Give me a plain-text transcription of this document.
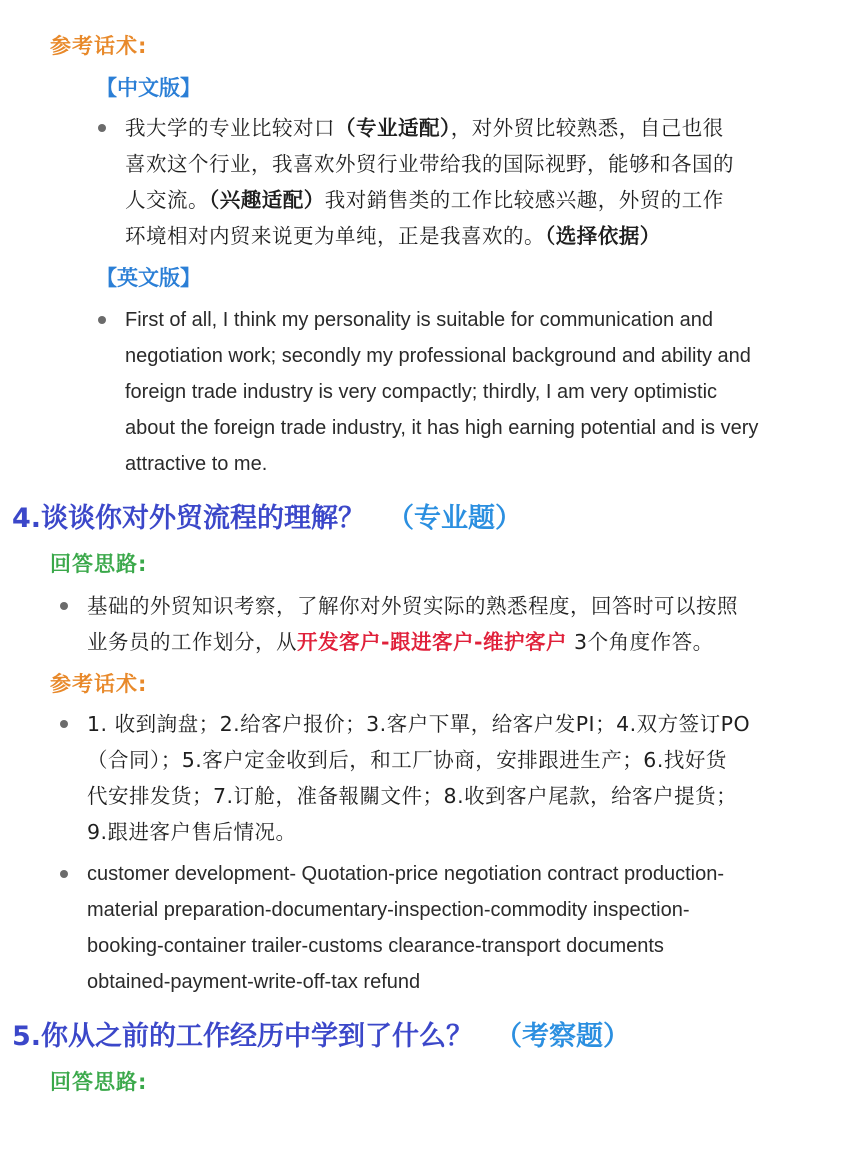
参考话术:
【中文版】
我大学的专业比较对口（专业适配），对外贸比较熟悉，自己也很
喜欢这个行业，我喜欢外贸行业带给我的国际视野，能够和各国的
人交流。（兴趣适配）我对銷售类的工作比较感兴趣，外贸的工作
环境相对内贸来说更为单纯，正是我喜欢的。（选择依据）
【英文版】
First of all, I think my personality is suitable for communication and
negotiation work; secondly my professional background and ability and
foreign trade industry is very compactly; thirdly, I am very optimistic
about the foreign trade industry, it has high earning potential and is very
attractive to me.
4.谈谈你对外贸流程的理解？ （专业题）
回答思路:
基础的外贸知识考察，了解你对外贸实际的熟悉程度，回答时可以按照
业务员的工作划分，从开发客户-跟进客户-维护客户 3个角度作答。
参考话术:
1. 收到詢盘；2.给客户报价；3.客户下單，给客户发PI；4.双方签订PO
（合同）；5.客户定金收到后，和工厂协商，安排跟进生产；6.找好货
代安排发货；7.订舱，准备報關文件；8.收到客户尾款，给客户提货；
9.跟进客户售后情况。
customer development- Quotation-price negotiation contract production-
material preparation-documentary-inspection-commodity inspection-
booking-container trailer-customs clearance-transport documents
obtained-payment-write-off-tax refund
5.你从之前的工作经历中学到了什么？ （考察题）
回答思路:
